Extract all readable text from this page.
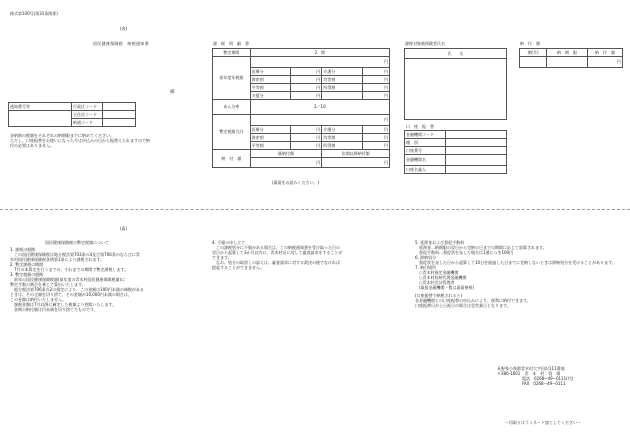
様式第100号(第31条関係)
(表)
国民健康保険税　納税通知書
様
通知番号等	行政区コード	
	主住民コード	
	納通コード	
各納期の税額をそれぞれの納期限までに納めてください。
ただし、口座振替をお使いになった方は申込みの日から振替えられますので納
付の必要はありません。
課　税　明　細　書
暫定期間	2　期			
前年度年税額	円			
	医療分	円	介護分	円
	資産割	円	均等割	円
	平等割	円	所得割	円
	支援分	円		円
あん分率	2／10			
暫定税額合計	円			
	医療分	円	介護分	円
	資産割	円	均等割	円
	平等割	円	所得割	円
納　付　額	既納付額		次期以降納付額	
	円		円	
(裏面をお読みください。)
課税対象被保険者氏名
氏　　名

口　座　振　替
金融機関コード	
種　別	
口座番号	
金融機関名	
口座名義人	
納　付　額
期(月)	納　期　限	納　付　額
		円
(裏)
国民健康保険税の暫定税額について
1. 課税の根拠
　この国民健康保険税は地方税法第703条の4及び第706条のならびに青
木村国民健康保険税条例第1条により課税されます。
2. 暫定課税の期間
　7月の本算定を行うまでの、それまでの期間で暫定課税します。
3. 暫定税額の根拠
　前年の国民健康保険税額(前年度の青木村国民健康保険税額)に
暫定月数の割合を乗じて算出いたします。
　地方税法第706条の2の規定により、この金額は100円未満の端数がある
ときは、その全額を切り捨て、その金額が10,000円未満の場合は、
この金額は納付いたしません。
　課税金額は7月以降に確定した税額より控除いたします。
　各期の納付額は円未満を切り捨てたものです。
4. 不服の申し立て
　この課税処分に不服がある場合は、この納税通知書を受け取った日の
翌日から起算して3か月以内に、青木村長に対して審査請求をすることが
できます。
　なお、処分の取消しの訴えは、審査請求に対する裁決の後でなければ
提起することができません。
5. 延滞金および督促手数料
　延滞金…納期限の翌日から完納の日までの期間に応じて加算されます。
　督促手数料…督促状を発した場合は1通につき100円
6. 滞納処分
　督促状を発した日から起算して10日を経過した日までに完納しないときは滞納処分を受けることがあります。
7. 納付場所
　○青木村指定金融機関
　○青木村収納代理金融機関
　○青木村会計管理者
　(取扱金融機関一覧は裏面参照)
(口座振替で納税されると)
各金融機関との口座振替の申込みにより、便利に納付できます。
口座振替日が土日祝日の場合は翌営業日となります。
長野県小県郡青木村大字田沢111番地
〒386-1601　青　木　村　役　場
電話　0268−49−0111(代)
FAX　0268−49−0111
ー切取りはラミネート加工してくださいー
